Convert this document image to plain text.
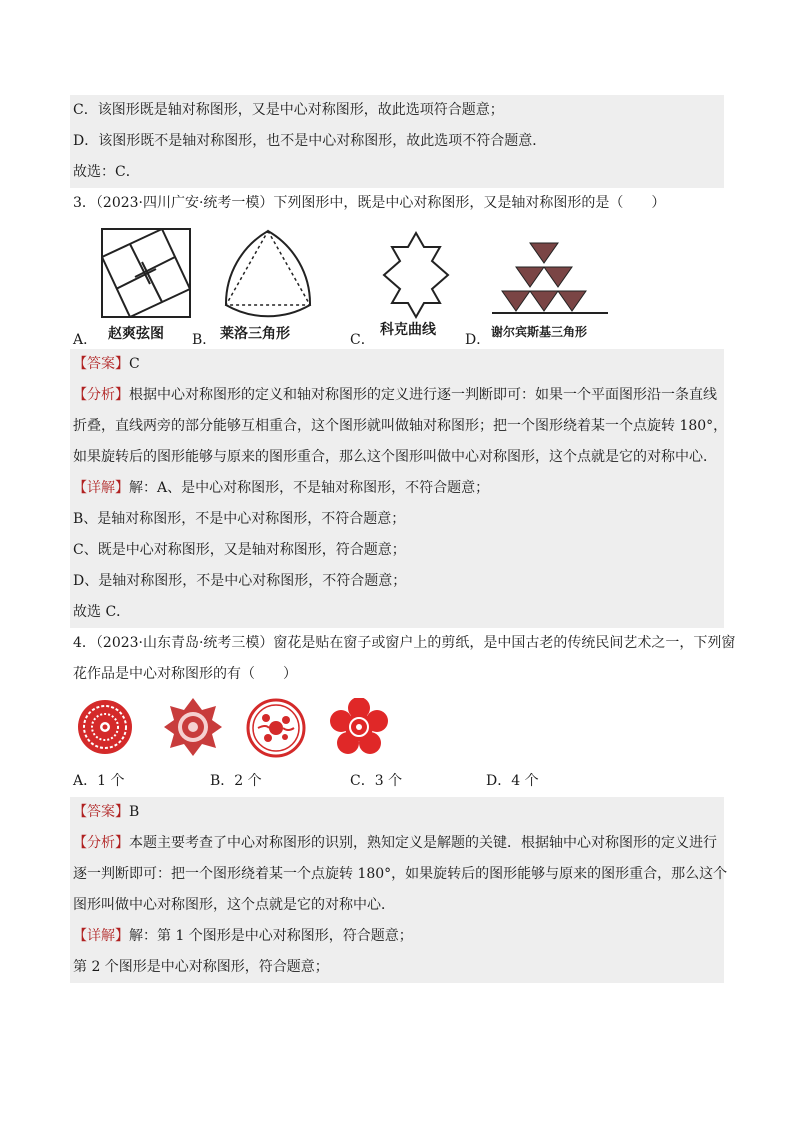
C．该图形既是轴对称图形，又是中心对称图形，故此选项符合题意；
D．该图形既不是轴对称图形，也不是中心对称图形，故此选项不符合题意．
故选：C．
3．（2023·四川广安·统考一模）下列图形中，既是中心对称图形，又是轴对称图形的是（　　）
A． 赵爽弦图 B． 莱洛三角形	C．
科克曲线
D． 谢尔宾斯基三角形
【答案】C
【分析】根据中心对称图形的定义和轴对称图形的定义进行逐一判断即可：如果一个平面图形沿一条直线
折叠，直线两旁的部分能够互相重合，这个图形就叫做轴对称图形；把一个图形绕着某一个点旋转 180°，
如果旋转后的图形能够与原来的图形重合，那么这个图形叫做中心对称图形，这个点就是它的对称中心．
【详解】解：A、是中心对称图形，不是轴对称图形，不符合题意；
B、是轴对称图形，不是中心对称图形，不符合题意；
C、既是中心对称图形，又是轴对称图形，符合题意；
D、是轴对称图形，不是中心对称图形，不符合题意；
故选 C．
4．（2023·山东青岛·统考三模）窗花是贴在窗子或窗户上的剪纸，是中国古老的传统民间艺术之一，下列窗
花作品是中心对称图形的有（　　）
A．1 个	B．2 个	C．3 个	D．4 个
【答案】B
【分析】本题主要考查了中心对称图形的识别，熟知定义是解题的关键．根据轴中心对称图形的定义进行
逐一判断即可：把一个图形绕着某一个点旋转 180°，如果旋转后的图形能够与原来的图形重合，那么这个
图形叫做中心对称图形，这个点就是它的对称中心．
【详解】解：第 1 个图形是中心对称图形，符合题意；
第 2 个图形是中心对称图形，符合题意；
